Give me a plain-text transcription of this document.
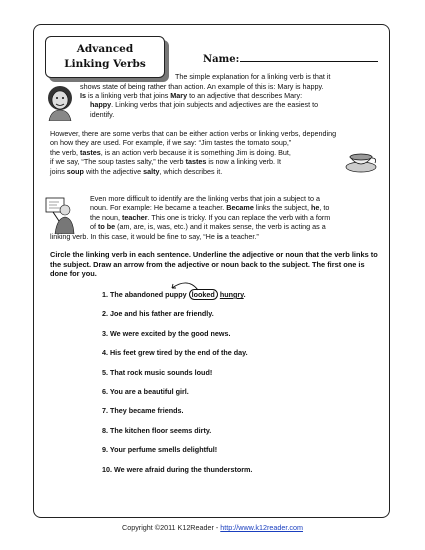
Advanced
Linking Verbs	Name:

The simple explanation for a linking verb is that it

shows state of being rather than action. An example of this is: Mary is happy.

Is is a linking verb that joins Mary to an adjective that describes Mary:

happy. Linking verbs that join subjects and adjectives are the easiest to

identify.

However, there are some verbs that can be either action verbs or linking verbs, depending

on how they are used. For example, if we say: “Jim tastes the tomato soup,”

the verb, tastes, is an action verb because it is something Jim is doing. But,

if we say, “The soup tastes salty,” the verb tastes is now a linking verb. It

joins soup with the adjective salty, which describes it.

Even more difficult to identify are the linking verbs that join a subject to a

noun. For example: He became a teacher. Became links the subject, he, to

the noun, teacher. This one is tricky. If you can replace the verb with a form

of to be (am, are, is, was, etc.) and it makes sense, the verb is acting as a

linking verb. In this case, it would be fine to say, “He is a teacher.”

Circle the linking verb in each sentence. Underline the adjective or noun that the verb links to the subject. Draw an arrow from the adjective or noun back to the subject. The first one is done for you.
1. The abandoned puppy looked hungry.
2. Joe and his father are friendly.
3. We were excited by the good news.
4. His feet grew tired by the end of the day.
5. That rock music sounds loud!
6. You are a beautiful girl.
7. They became friends.
8. The kitchen floor seems dirty.
9. Your perfume smells delightful!
10. We were afraid during the thunderstorm.
Copyright ©2011 K12Reader - http://www.k12reader.com
